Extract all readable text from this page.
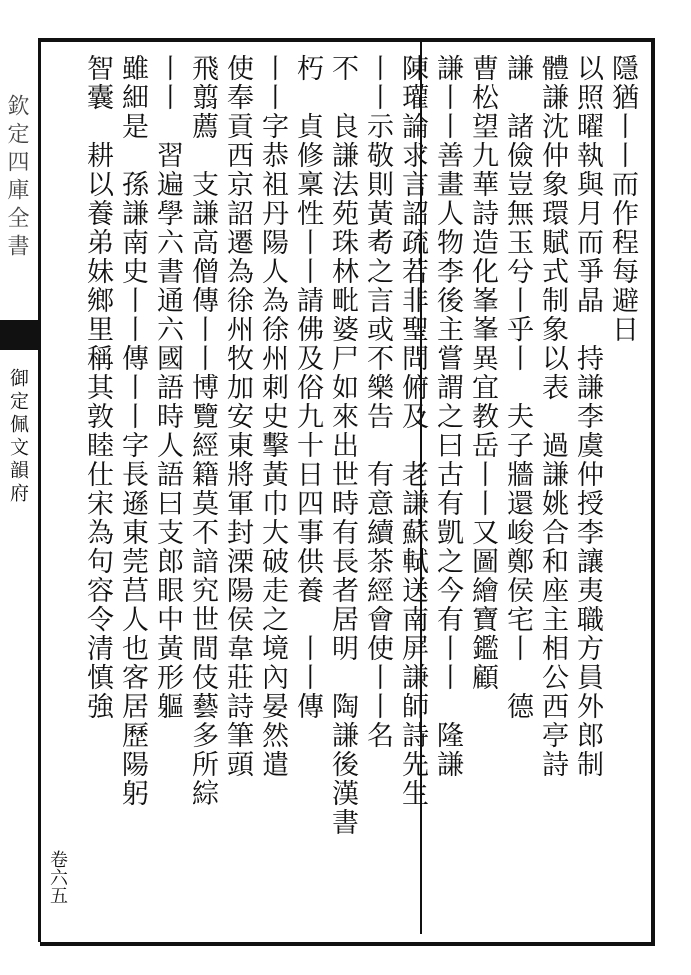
欽定四庫全書
御定佩文韻府
隱猶丨丨而作程每避日
以照曜執與月而爭晶　持謙李虞仲授李讓夷職方員外郎制
體謙沈仲象環賦式制象以表　過謙姚合和座主相公西亭詩
謙　諸儉豈無玉兮丨乎丨　夫子牆還峻鄭侯宅丨　德
曹松望九華詩造化峯峯異宜教岳丨丨又圖繪寶鑑顧
謙丨丨善畫人物李後主嘗謂之曰古有凱之今有丨丨　隆謙
陳瓘論求言詔疏若非聖問俯及　老謙蘇軾送南屏謙師詩先生
丨丨示敬則黃耇之言或不樂告　有意續茶經會使丨丨名
不　良謙法苑珠林毗婆尸如來出世時有長者居明　陶謙後漢書
朽　貞修稟性丨丨請佛及俗九十日四事供養　丨丨傳
丨丨字恭祖丹陽人為徐州刺史擊黃巾大破走之境內晏然遣
使奉貢西京詔遷為徐州牧加安東將軍封溧陽侯韋莊詩筆頭
飛翦薦　支謙高僧傳丨丨博覽經籍莫不諳究世間伎藝多所綜
丨丨　習遍學六書通六國語時人語曰支郎眼中黃形軀
雖細是　孫謙南史丨丨傳丨丨字長遜東莞莒人也客居歷陽躬
智囊　耕以養弟妹鄉里稱其敦睦仕宋為句容令清慎強
卷六五
